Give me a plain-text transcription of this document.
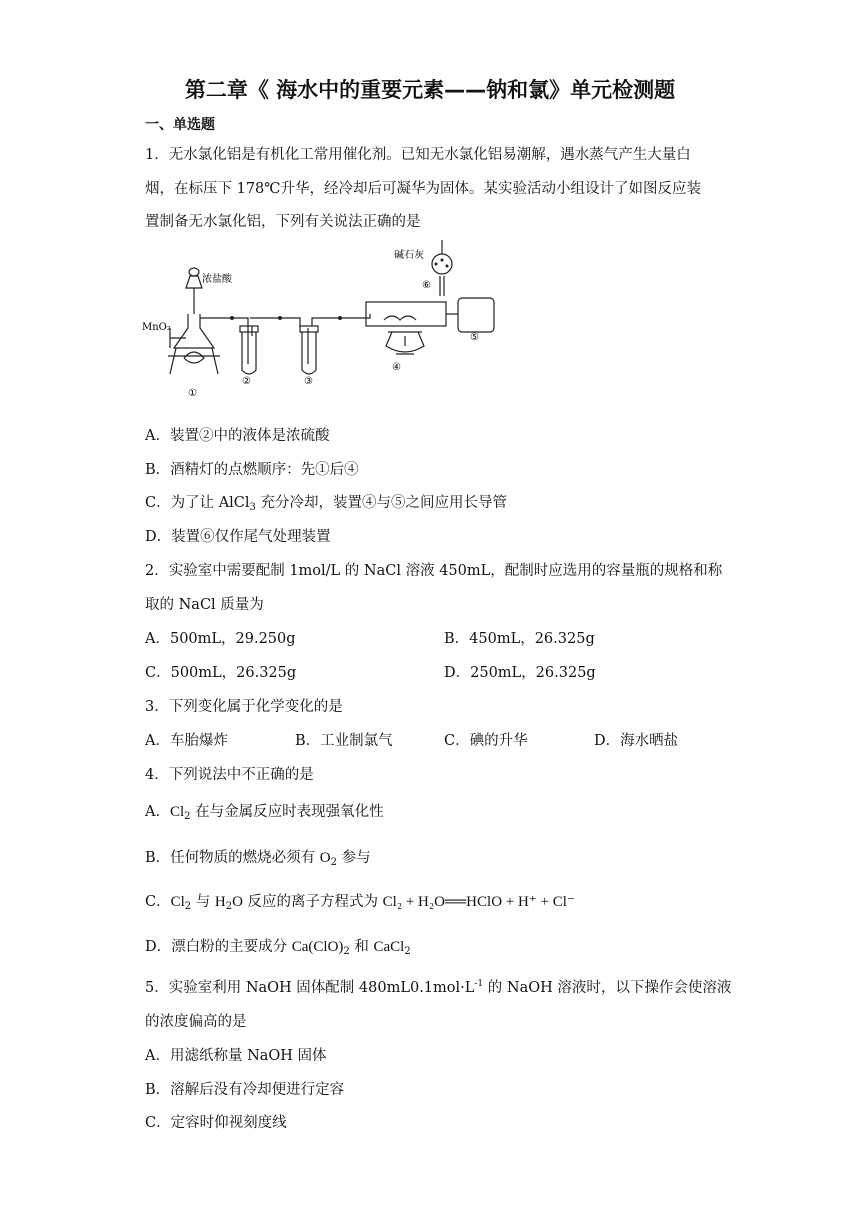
第二章《 海水中的重要元素——钠和氯》单元检测题
一、单选题
1．无水氯化铝是有机化工常用催化剂。已知无水氯化铝易潮解，遇水蒸气产生大量白
烟，在标压下 178℃升华，经冷却后可凝华为固体。某实验活动小组设计了如图反应装
置制备无水氯化铝，下列有关说法正确的是
浓盐酸
MnO₂
碱石灰
①
②	③
④
⑤
⑥
A．装置②中的液体是浓硫酸
B．酒精灯的点燃顺序：先①后④
C．为了让 AlCl$_3$ 充分冷却，装置④与⑤之间应用长导管
D．装置⑥仅作尾气处理装置
2．实验室中需要配制 1mol/L 的 NaCl 溶液 450mL，配制时应选用的容量瓶的规格和称
取的 NaCl 质量为
A．500mL，29.250g	B．450mL，26.325g
C．500mL，26.325g	D．250mL，26.325g
3．下列变化属于化学变化的是
A．车胎爆炸	B．工业制氯气	C．碘的升华	D．海水晒盐
4．下列说法中不正确的是
A．$Cl_2$ 在与金属反应时表现强氧化性
B．任何物质的燃烧必须有 $O_2$ 参与
C．$Cl_2$ 与 $H_2O$ 反应的离子方程式为 Cl₂ + H₂O══HClO + H⁺ + Cl⁻
D．漂白粉的主要成分 $Ca(ClO)_2$ 和 CaCl$_2$
5．实验室利用 NaOH 固体配制 $480mL0.1mol\cdot L^{-1}$ 的 NaOH 溶液时，以下操作会使溶液
的浓度偏高的是
A．用滤纸称量 NaOH 固体
B．溶解后没有冷却便进行定容
C．定容时仰视刻度线
